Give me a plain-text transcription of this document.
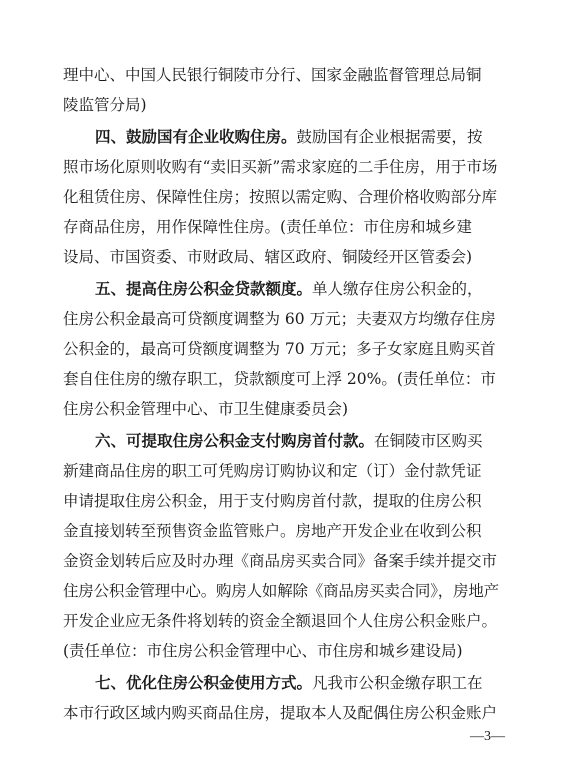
理中心、中国人民银行铜陵市分行、国家金融监督管理总局铜
陵监管分局)
四、鼓励国有企业收购住房。鼓励国有企业根据需要，按
照市场化原则收购有“卖旧买新”需求家庭的二手住房，用于市场
化租赁住房、保障性住房；按照以需定购、合理价格收购部分库
存商品住房，用作保障性住房。(责任单位：市住房和城乡建
设局、市国资委、市财政局、辖区政府、铜陵经开区管委会)
五、提高住房公积金贷款额度。单人缴存住房公积金的，
住房公积金最高可贷额度调整为 60 万元；夫妻双方均缴存住房
公积金的，最高可贷额度调整为 70 万元；多子女家庭且购买首
套自住住房的缴存职工，贷款额度可上浮 20%。(责任单位：市
住房公积金管理中心、市卫生健康委员会)
六、可提取住房公积金支付购房首付款。在铜陵市区购买
新建商品住房的职工可凭购房订购协议和定（订）金付款凭证
申请提取住房公积金，用于支付购房首付款，提取的住房公积
金直接划转至预售资金监管账户。房地产开发企业在收到公积
金资金划转后应及时办理《商品房买卖合同》备案手续并提交市
住房公积金管理中心。购房人如解除《商品房买卖合同》，房地产
开发企业应无条件将划转的资金全额退回个人住房公积金账户。
(责任单位：市住房公积金管理中心、市住房和城乡建设局)
七、优化住房公积金使用方式。凡我市公积金缴存职工在
本市行政区域内购买商品住房，提取本人及配偶住房公积金账户
—3—
